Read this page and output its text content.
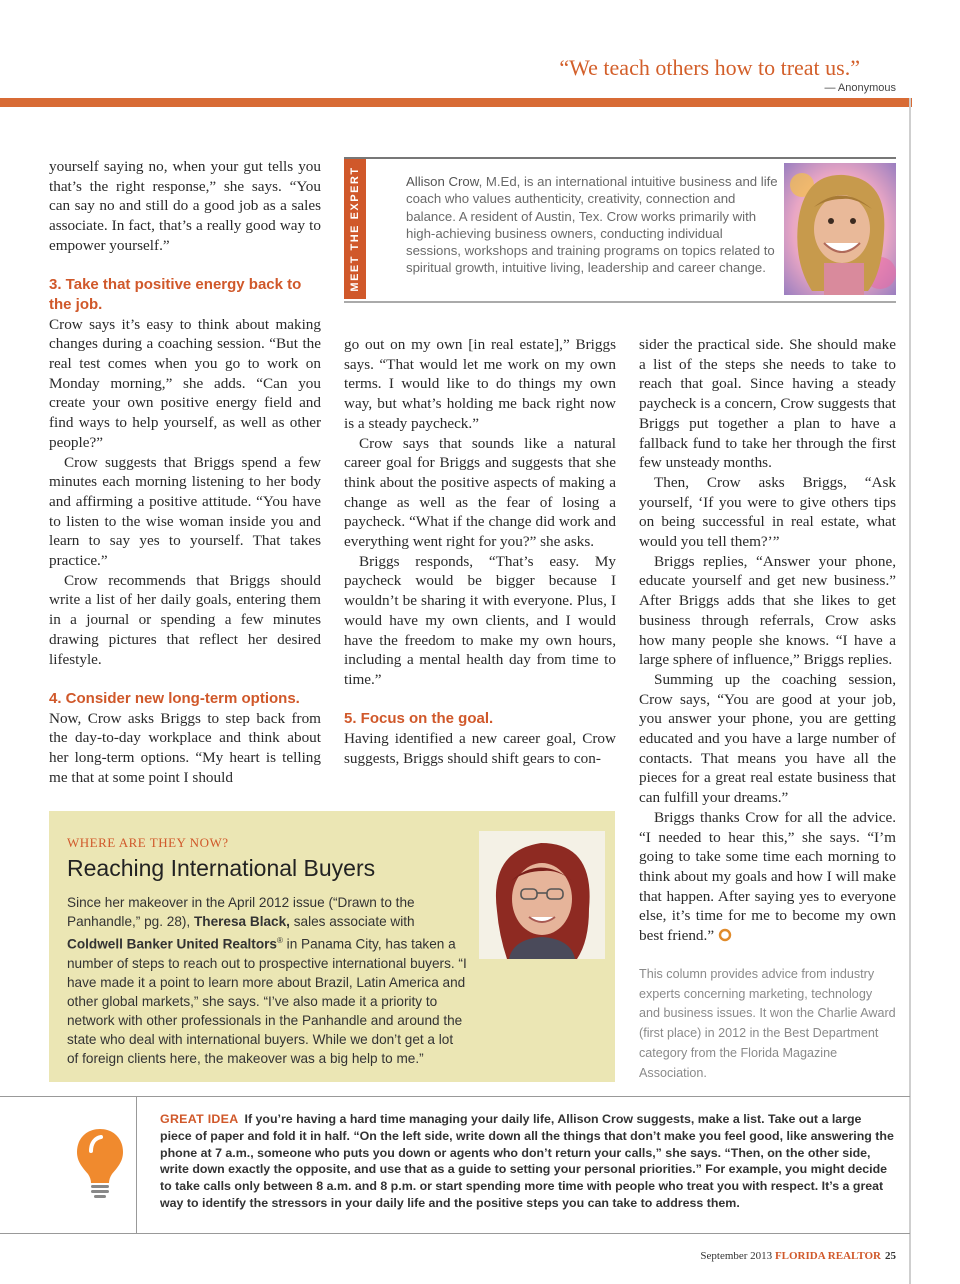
“We teach others how to treat us.”
— Anonymous

yourself saying no, when your gut tells you that’s the right response,” she says. “You can say no and still do a good job as a sales associate. In fact, that’s a really good way to empower yourself.”

3. Take that positive energy back to the job.

Crow says it’s easy to think about making changes during a coaching session. “But the real test comes when you go to work on Monday morning,” she adds. “Can you create your own positive energy field and find ways to help yourself, as well as other people?”

Crow suggests that Briggs spend a few minutes each morning listening to her body and affirming a positive attitude. “You have to listen to the wise woman inside you and learn to say yes to yourself. That takes practice.”

Crow recommends that Briggs should write a list of her daily goals, entering them in a journal or spending a few minutes drawing pictures that reflect her desired lifestyle.

4. Consider new long-term options.

Now, Crow asks Briggs to step back from the day-to-day workplace and think about her long-term options. “My heart is telling me that at some point I should

MEET THE EXPERT	Allison Crow, M.Ed, is an international intuitive business and life coach who values authenticity, creativity, connection and balance. A resident of Austin, Tex. Crow works primarily with high-achieving business owners, conducting individual sessions, workshops and training programs on topics related to spiritual growth, intuitive living, leadership and career change.

go out on my own [in real estate],” Briggs says. “That would let me work on my own terms. I would like to do things my own way, but what’s holding me back right now is a steady paycheck.”

Crow says that sounds like a natural career goal for Briggs and suggests that she think about the positive aspects of making a change as well as the fear of losing a paycheck. “What if the change did work and everything went right for you?” she asks.

Briggs responds, “That’s easy. My paycheck would be bigger because I wouldn’t be sharing it with everyone. Plus, I would have my own clients, and I would have the freedom to make my own hours, including a mental health day from time to time.”

5. Focus on the goal.

Having identified a new career goal, Crow suggests, Briggs should shift gears to con-

sider the practical side. She should make a list of the steps she needs to take to reach that goal. Since having a steady paycheck is a concern, Crow suggests that Briggs put together a plan to have a fallback fund to take her through the first few unsteady months.

Then, Crow asks Briggs, “Ask yourself, ‘If you were to give others tips on being successful in real estate, what would you tell them?’”

Briggs replies, “Answer your phone, educate yourself and get new business.” After Briggs adds that she likes to get business through referrals, Crow asks how many people she knows. “I have a large sphere of influence,” Briggs replies.

Summing up the coaching session, Crow says, “You are good at your job, you answer your phone, you are getting educated and you have a large number of contacts. That means you have all the pieces for a great real estate business that can fulfill your dreams.”

Briggs thanks Crow for all the advice. “I needed to hear this,” she says. “I’m going to take some time each morning to think about my goals and how I will make that happen. After saying yes to everyone else, it’s time for me to become my own best friend.”

This column provides advice from industry experts concerning marketing, technology and business issues. It won the Charlie Award (first place) in 2012 in the Best Department category from the Florida Magazine Association.
WHERE ARE THEY NOW?
Reaching International Buyers

Since her makeover in the April 2012 issue (“Drawn to the Panhandle,” pg. 28), Theresa Black, sales associate with Coldwell Banker United Realtors® in Panama City, has taken a number of steps to reach out to prospective international buyers. “I have made it a point to learn more about Brazil, Latin America and other global markets,” she says. “I’ve also made it a priority to network with other professionals in the Panhandle and around the state who deal with international buyers. While we don’t get a lot of foreign clients here, the makeover was a big help to me.”

GREAT IDEA If you’re having a hard time managing your daily life, Allison Crow suggests, make a list. Take out a large piece of paper and fold it in half. “On the left side, write down all the things that don’t make you feel good, like answering the phone at 7 a.m., someone who puts you down or agents who don’t return your calls,” she says. “Then, on the other side, write down exactly the opposite, and use that as a guide to setting your personal priorities.” For example, you might decide to take calls only between 8 a.m. and 8 p.m. or start spending more time with people who treat you with respect. It’s a great way to identify the stressors in your daily life and the positive steps you can take to address them.
September 2013 FLORIDA REALTOR 25
